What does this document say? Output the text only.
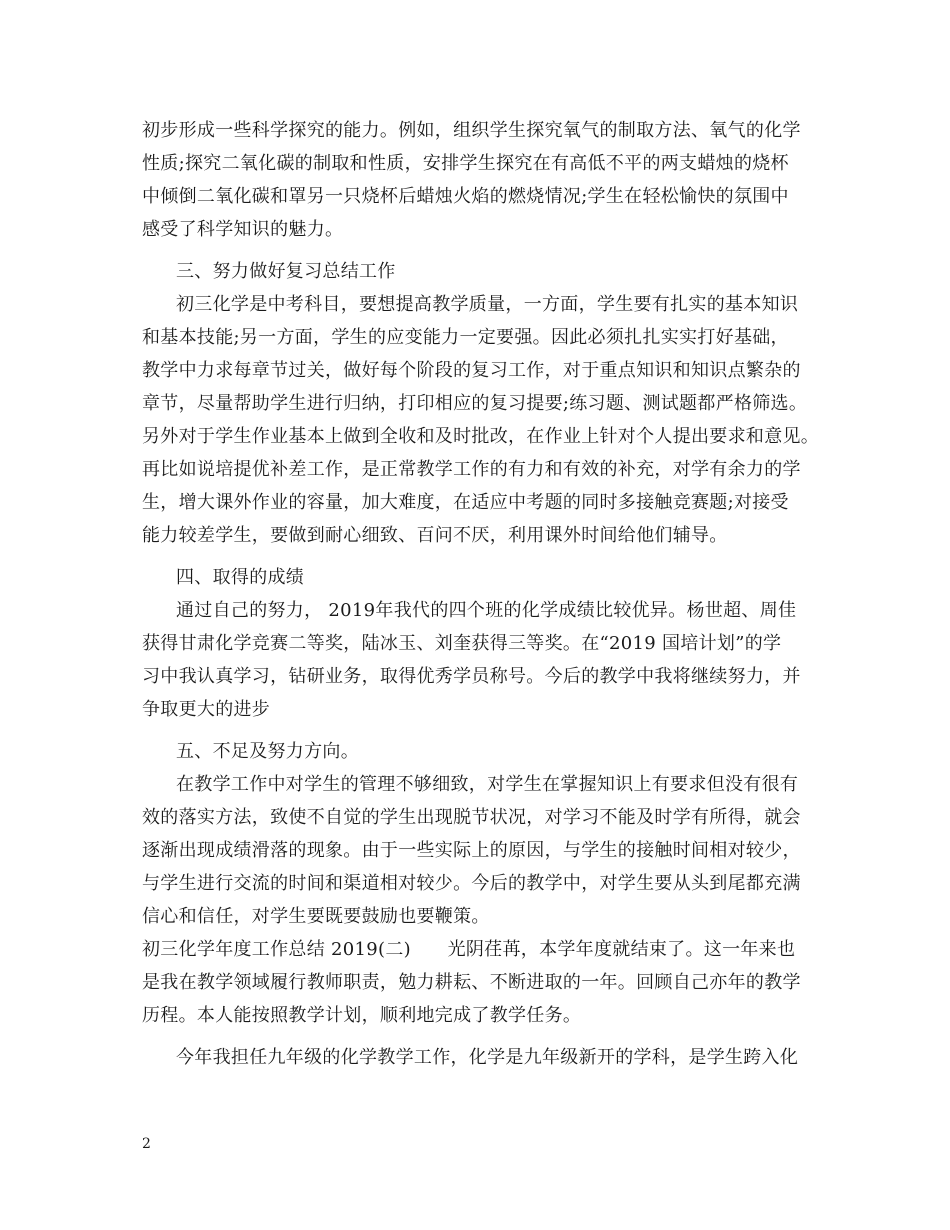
初步形成一些科学探究的能力。例如，组织学生探究氧气的制取方法、氧气的化学
性质;探究二氧化碳的制取和性质，安排学生探究在有高低不平的两支蜡烛的烧杯
中倾倒二氧化碳和罩另一只烧杯后蜡烛火焰的燃烧情况;学生在轻松愉快的氛围中
感受了科学知识的魅力。
三、努力做好复习总结工作
初三化学是中考科目，要想提高教学质量，一方面，学生要有扎实的基本知识
和基本技能;另一方面，学生的应变能力一定要强。因此必须扎扎实实打好基础，
教学中力求每章节过关，做好每个阶段的复习工作，对于重点知识和知识点繁杂的
章节，尽量帮助学生进行归纳，打印相应的复习提要;练习题、测试题都严格筛选。
另外对于学生作业基本上做到全收和及时批改，在作业上针对个人提出要求和意见。
再比如说培提优补差工作，是正常教学工作的有力和有效的补充，对学有余力的学
生，增大课外作业的容量，加大难度，在适应中考题的同时多接触竞赛题;对接受
能力较差学生，要做到耐心细致、百问不厌，利用课外时间给他们辅导。
四、取得的成绩
通过自己的努力， 2019年我代的四个班的化学成绩比较优异。杨世超、周佳
获得甘肃化学竞赛二等奖，陆冰玉、刘奎获得三等奖。在“2019 国培计划”的学
习中我认真学习，钻研业务，取得优秀学员称号。今后的教学中我将继续努力，并
争取更大的进步
五、不足及努力方向。
在教学工作中对学生的管理不够细致，对学生在掌握知识上有要求但没有很有
效的落实方法，致使不自觉的学生出现脱节状况，对学习不能及时学有所得，就会
逐渐出现成绩滑落的现象。由于一些实际上的原因，与学生的接触时间相对较少，
与学生进行交流的时间和渠道相对较少。今后的教学中，对学生要从头到尾都充满
信心和信任，对学生要既要鼓励也要鞭策。
初三化学年度工作总结 2019(二)　　光阴荏苒，本学年度就结束了。这一年来也
是我在教学领域履行教师职责，勉力耕耘、不断进取的一年。回顾自己亦年的教学
历程。本人能按照教学计划，顺利地完成了教学任务。
今年我担任九年级的化学教学工作，化学是九年级新开的学科，是学生跨入化
2
